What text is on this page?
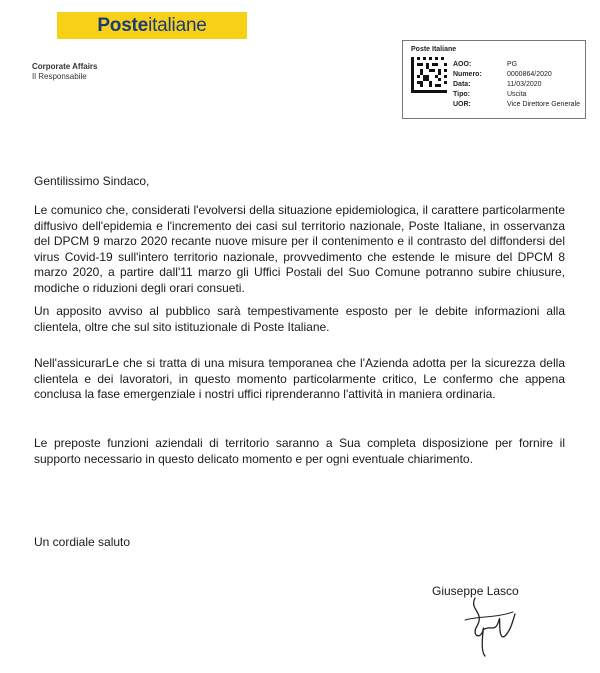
Poste italiane
Corporate Affairs
Il Responsabile
Poste Italiane
AOO:	PG
Numero:	0000864/2020
Data:	11/03/2020
Tipo:	Uscita
UOR:	Vice Direttore Generale
Gentilissimo Sindaco,
Le comunico che, considerati l'evolversi della situazione epidemiologica, il carattere particolarmente diffusivo dell'epidemia e l'incremento dei casi sul territorio nazionale, Poste Italiane, in osservanza del DPCM 9 marzo 2020 recante nuove misure per il contenimento e il contrasto del diffondersi del virus Covid-19 sull'intero territorio nazionale, provvedimento che estende le misure del DPCM 8 marzo 2020, a partire dall'11 marzo gli Uffici Postali del Suo Comune potranno subire chiusure, modiche o riduzioni degli orari consueti.
Un apposito avviso al pubblico sarà tempestivamente esposto per le debite informazioni alla clientela, oltre che sul sito istituzionale di Poste Italiane.
Nell'assicurarLe che si tratta di una misura temporanea che l'Azienda adotta per la sicurezza della clientela e dei lavoratori, in questo momento particolarmente critico, Le confermo che appena conclusa la fase emergenziale i nostri uffici riprenderanno l'attività in maniera ordinaria.
Le preposte funzioni aziendali di territorio saranno a Sua completa disposizione per fornire il supporto necessario in questo delicato momento e per ogni eventuale chiarimento.
Un cordiale saluto
Giuseppe Lasco
